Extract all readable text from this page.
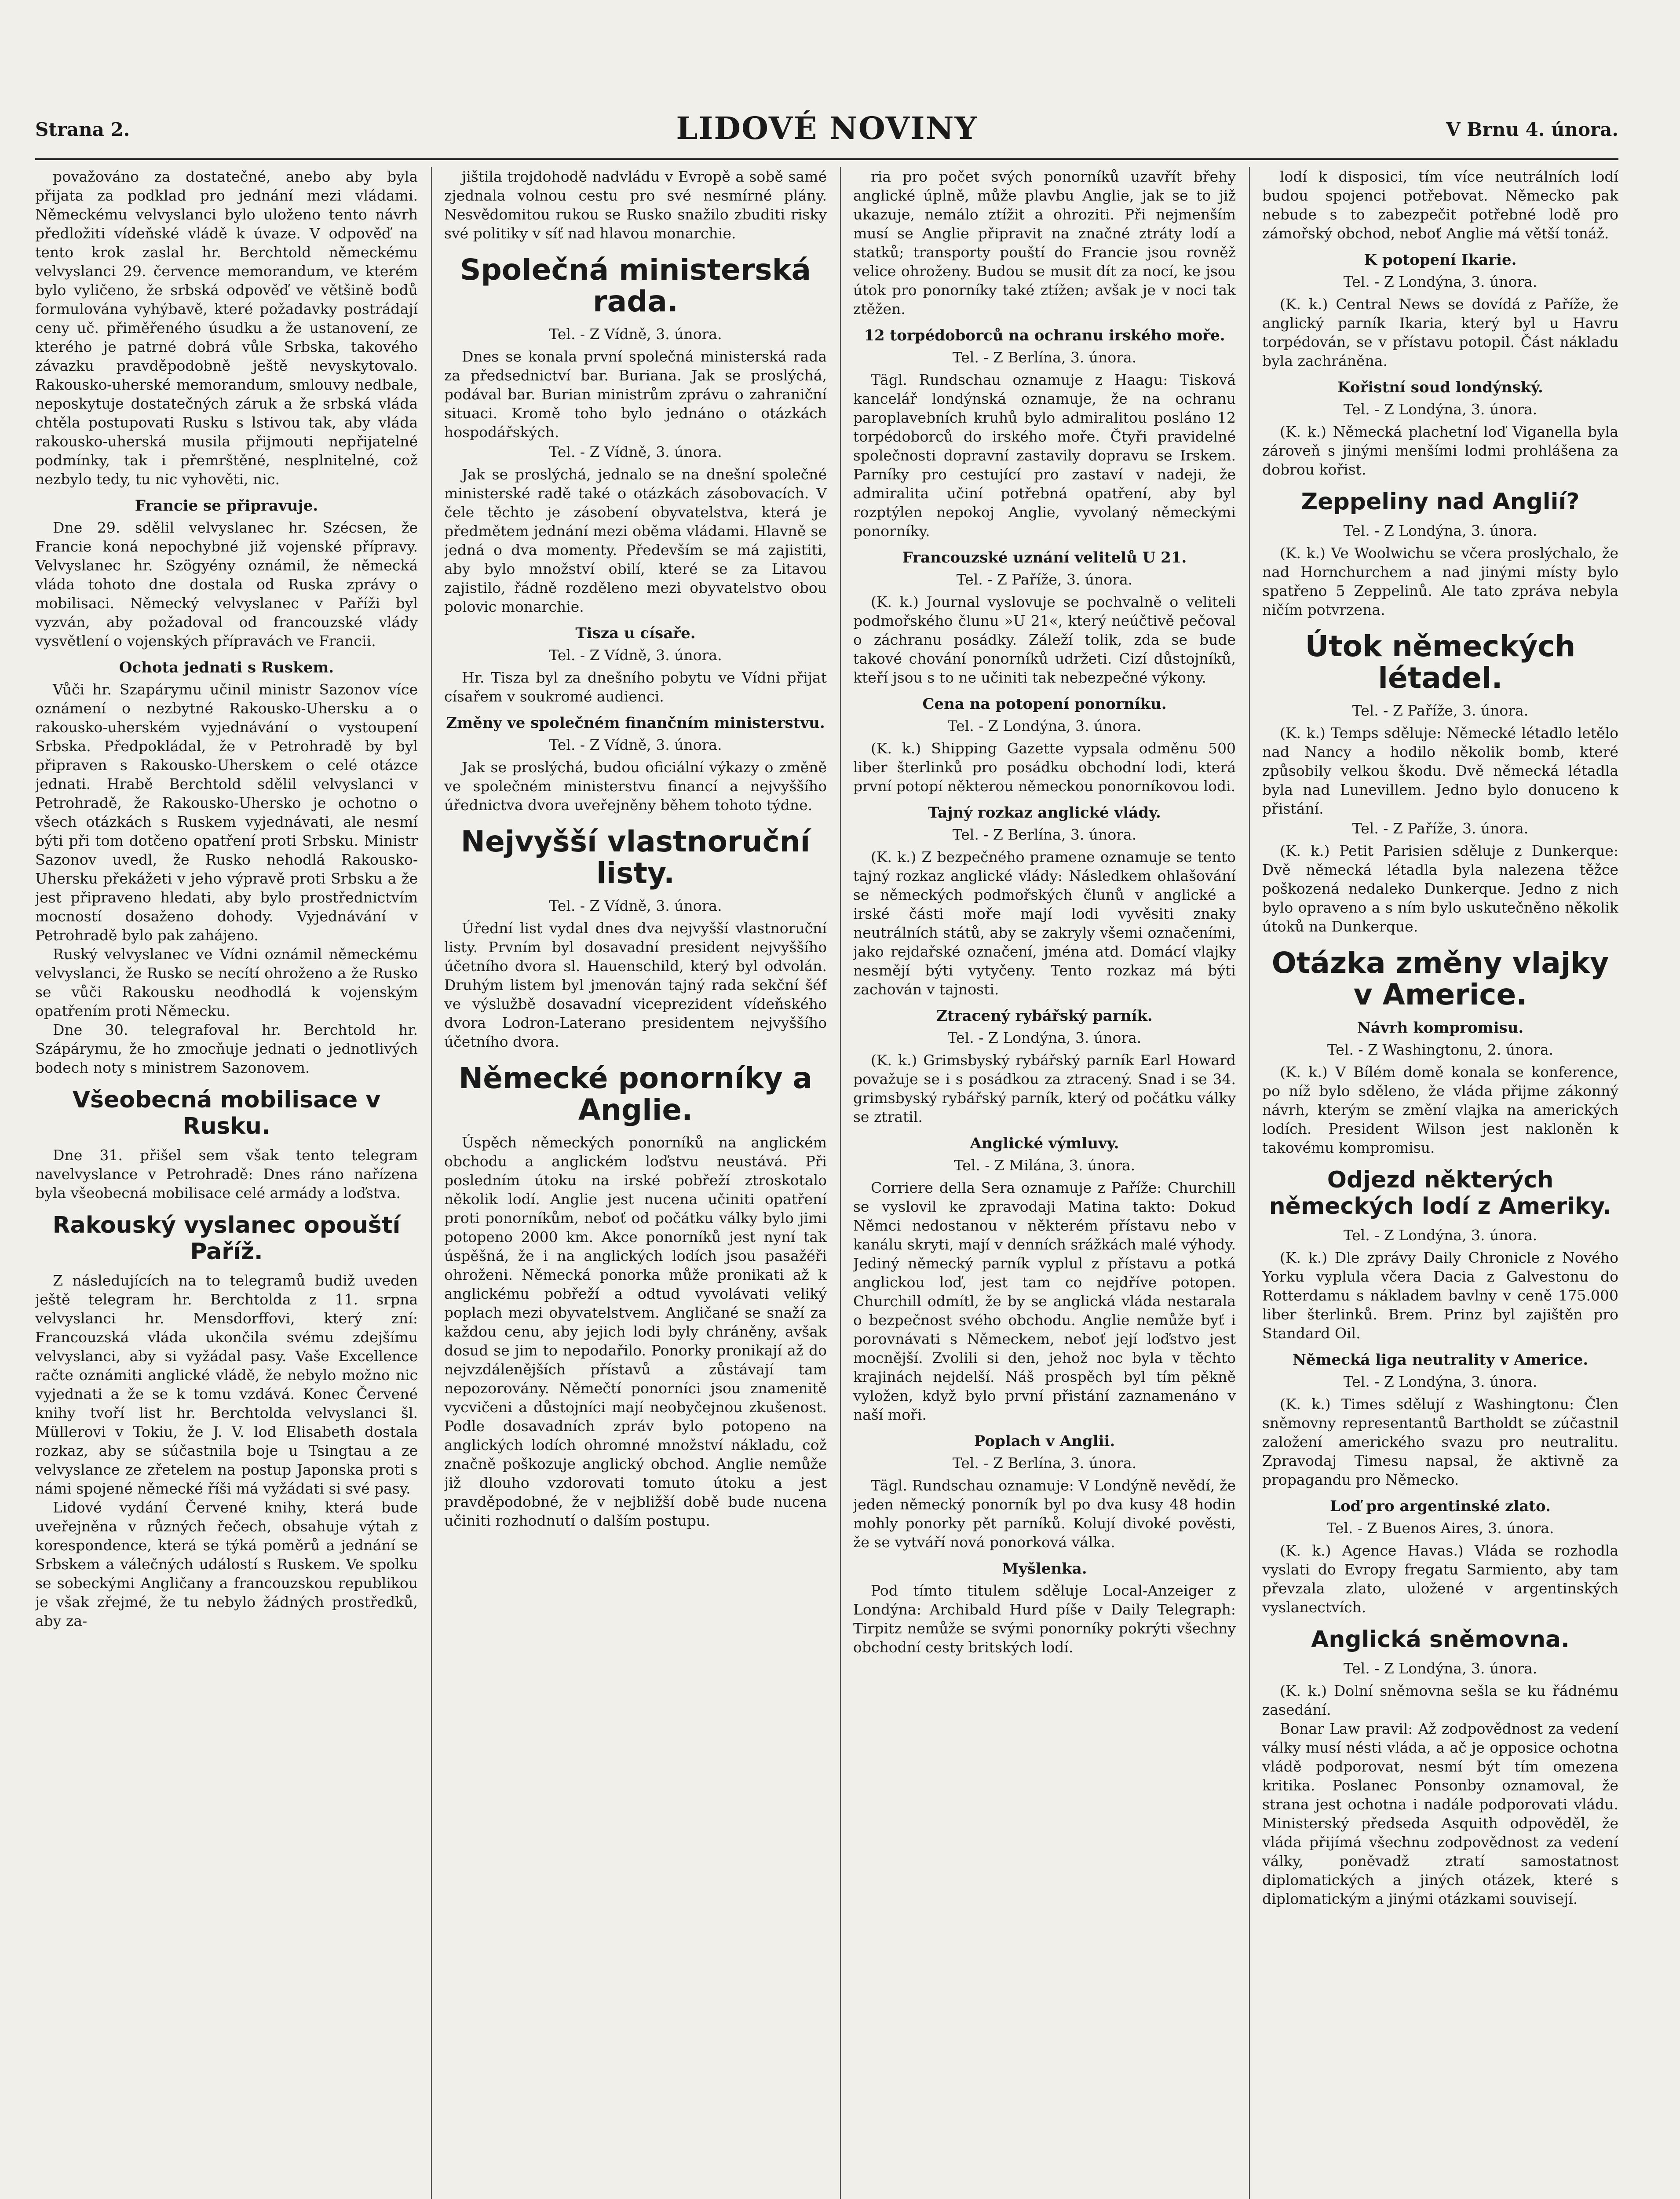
Strana 2.	LIDOVÉ NOVINY	V Brnu 4. února.

považováno za dostatečné, anebo aby byla přijata za podklad pro jednání mezi vládami. Německému velvyslanci bylo uloženo tento návrh předložiti vídeňské vládě k úvaze. V odpověď na tento krok zaslal hr. Berchtold německému velvyslanci 29. července memorandum, ve kterém bylo vyličeno, že srbská odpověď ve většině bodů formulována vyhýbavě, které požadavky postrádají ceny uč. přiměřeného úsudku a že ustanovení, ze kterého je patrné dobrá vůle Srbska, takového závazku pravděpodobně ještě nevyskytovalo. Rakousko-uherské memorandum, smlouvy nedbale, neposkytuje dostatečných záruk a že srbská vláda chtěla postupovati Rusku s lstivou tak, aby vláda rakousko-uherská musila přijmouti nepřijatelné podmínky, tak i přemrštěné, nesplnitelné, což nezbylo tedy, tu nic vyhověti, nic.

Francie se připravuje.

Dne 29. sdělil velvyslanec hr. Szécsen, že Francie koná nepochybné již vojenské přípravy. Velvyslanec hr. Szögyény oznámil, že německá vláda tohoto dne dostala od Ruska zprávy o mobilisaci. Německý velvyslanec v Paříži byl vyzván, aby požadoval od francouzské vlády vysvětlení o vojenských přípravách ve Francii.

Ochota jednati s Ruskem.

Vůči hr. Szapárymu učinil ministr Sazonov více oznámení o nezbytné Rakousko-Uhersku a o rakousko-uherském vyjednávání o vystoupení Srbska. Předpokládal, že v Petrohradě by byl připraven s Rakousko-Uherskem o celé otázce jednati. Hrabě Berchtold sdělil velvyslanci v Petrohradě, že Rakousko-Uhersko je ochotno o všech otázkách s Ruskem vyjednávati, ale nesmí býti při tom dotčeno opatření proti Srbsku. Ministr Sazonov uvedl, že Rusko nehodlá Rakousko-Uhersku překážeti v jeho výpravě proti Srbsku a že jest připraveno hledati, aby bylo prostřednictvím mocností dosaženo dohody. Vyjednávání v Petrohradě bylo pak zahájeno.

Ruský velvyslanec ve Vídni oznámil německému velvyslanci, že Rusko se necítí ohroženo a že Rusko se vůči Rakousku neodhodlá k vojenským opatřením proti Německu.

Dne 30. telegrafoval hr. Berchtold hr. Szápárymu, že ho zmocňuje jednati o jednotlivých bodech noty s ministrem Sazonovem.

Všeobecná mobilisace v Rusku.

Dne 31. přišel sem však tento telegram navelvyslance v Petrohradě: Dnes ráno nařízena byla všeobecná mobilisace celé armády a loďstva.

Rakouský vyslanec opouští Paříž.

Z následujících na to telegramů budiž uveden ještě telegram hr. Berchtolda z 11. srpna velvyslanci hr. Mensdorffovi, který zní: Francouzská vláda ukončila svému zdejšímu velvyslanci, aby si vyžádal pasy. Vaše Excellence račte oznámiti anglické vládě, že nebylo možno nic vyjednati a že se k tomu vzdává. Konec Červené knihy tvoří list hr. Berchtolda velvyslanci šl. Müllerovi v Tokiu, že J. V. lod Elisabeth dostala rozkaz, aby se súčastnila boje u Tsingtau a ze velvyslance ze zřetelem na postup Japonska proti s námi spojené německé říši má vyžádati si své pasy.

Lidové vydání Červené knihy, která bude uveřejněna v různých řečech, obsahuje výtah z korespondence, která se týká poměrů a jednání se Srbskem a válečných událostí s Ruskem. Ve spolku se sobeckými Angličany a francouzskou republikou je však zřejmé, že tu nebylo žádných prostředků, aby za-

jištila trojdohodě nadvládu v Evropě a sobě samé zjednala volnou cestu pro své nesmírné plány. Nesvědomitou rukou se Rusko snažilo zbuditi risky své politiky v síť nad hlavou monarchie.

Společná ministerská rada.
Tel. - Z Vídně, 3. února.

Dnes se konala první společná ministerská rada za předsednictví bar. Buriana. Jak se proslýchá, podával bar. Burian ministrům zprávu o zahraniční situaci. Kromě toho bylo jednáno o otázkách hospodářských.

Tel. - Z Vídně, 3. února.

Jak se proslýchá, jednalo se na dnešní společné ministerské radě také o otázkách zásobovacích. V čele těchto je zásobení obyvatelstva, která je předmětem jednání mezi oběma vládami. Hlavně se jedná o dva momenty. Především se má zajistiti, aby bylo množství obilí, které se za Litavou zajistilo, řádně rozděleno mezi obyvatelstvo obou polovic monarchie.

Tisza u císaře.
Tel. - Z Vídně, 3. února.

Hr. Tisza byl za dnešního pobytu ve Vídni přijat císařem v soukromé audienci.

Změny ve společném finančním ministerstvu.
Tel. - Z Vídně, 3. února.

Jak se proslýchá, budou oficiální výkazy o změně ve společném ministerstvu financí a nejvyššího úřednictva dvora uveřejněny během tohoto týdne.

Nejvyšší vlastnoruční listy.
Tel. - Z Vídně, 3. února.

Úřední list vydal dnes dva nejvyšší vlastnoruční listy. Prvním byl dosavadní president nejvyššího účetního dvora sl. Hauenschild, který byl odvolán. Druhým listem byl jmenován tajný rada sekční šéf ve výslužbě dosavadní viceprezident vídeňského dvora Lodron-Laterano presidentem nejvyššího účetního dvora.

Německé ponorníky a Anglie.

Úspěch německých ponorníků na anglickém obchodu a anglickém loďstvu neustává. Při posledním útoku na irské pobřeží ztroskotalo několik lodí. Anglie jest nucena učiniti opatření proti ponorníkům, neboť od počátku války bylo jimi potopeno 2000 km. Akce ponorníků jest nyní tak úspěšná, že i na anglických lodích jsou pasažéři ohroženi. Německá ponorka může pronikati až k anglickému pobřeží a odtud vyvolávati veliký poplach mezi obyvatelstvem. Angličané se snaží za každou cenu, aby jejich lodi byly chráněny, avšak dosud se jim to nepodařilo. Ponorky pronikají až do nejvzdálenějších přístavů a zůstávají tam nepozorovány. Němečtí ponorníci jsou znamenitě vycvičeni a důstojníci mají neobyčejnou zkušenost. Podle dosavadních zpráv bylo potopeno na anglických lodích ohromné množství nákladu, což značně poškozuje anglický obchod. Anglie nemůže již dlouho vzdorovati tomuto útoku a jest pravděpodobné, že v nejbližší době bude nucena učiniti rozhodnutí o dalším postupu.

ria pro počet svých ponorníků uzavřít břehy anglické úplně, může plavbu Anglie, jak se to již ukazuje, nemálo ztížit a ohroziti. Při nejmenším musí se Anglie připravit na značné ztráty lodí a statků; transporty pouští do Francie jsou rovněž velice ohroženy. Budou se musit dít za nocí, ke jsou útok pro ponorníky také ztížen; avšak je v noci tak ztěžen.

12 torpédoborců na ochranu irského moře.
Tel. - Z Berlína, 3. února.

Tägl. Rundschau oznamuje z Haagu: Tisková kancelář londýnská oznamuje, že na ochranu paroplavebních kruhů bylo admiralitou posláno 12 torpédoborců do irského moře. Čtyři pravidelné společnosti dopravní zastavily dopravu se Irskem. Parníky pro cestující pro zastaví v nadeji, že admiralita učiní potřebná opatření, aby byl rozptýlen nepokoj Anglie, vyvolaný německými ponorníky.

Francouzské uznání velitelů U 21.
Tel. - Z Paříže, 3. února.

(K. k.) Journal vyslovuje se pochvalně o veliteli podmořského člunu »U 21«, který neúčtivě pečoval o záchranu posádky. Záleží tolik, zda se bude takové chování ponorníků udržeti. Cizí důstojníků, kteří jsou s to ne učiniti tak nebezpečné výkony.

Cena na potopení ponorníku.
Tel. - Z Londýna, 3. února.

(K. k.) Shipping Gazette vypsala odměnu 500 liber šterlinků pro posádku obchodní lodi, která první potopí některou německou ponorníkovou lodi.

Tajný rozkaz anglické vlády.
Tel. - Z Berlína, 3. února.

(K. k.) Z bezpečného pramene oznamuje se tento tajný rozkaz anglické vlády: Následkem ohlašování se německých podmořských člunů v anglické a irské části moře mají lodi vyvěsiti znaky neutrálních států, aby se zakryly všemi označeními, jako rejdařské označení, jména atd. Domácí vlajky nesmějí býti vytyčeny. Tento rozkaz má býti zachován v tajnosti.

Ztracený rybářský parník.
Tel. - Z Londýna, 3. února.

(K. k.) Grimsbyský rybářský parník Earl Howard považuje se i s posádkou za ztracený. Snad i se 34. grimsbyský rybářský parník, který od počátku války se ztratil.

Anglické výmluvy.
Tel. - Z Milána, 3. února.

Corriere della Sera oznamuje z Paříže: Churchill se vyslovil ke zpravodaji Matina takto: Dokud Němci nedostanou v některém přístavu nebo v kanálu skryti, mají v denních srážkách malé výhody. Jediný německý parník vyplul z přístavu a potká anglickou loď, jest tam co nejdříve potopen. Churchill odmítl, že by se anglická vláda nestarala o bezpečnost svého obchodu. Anglie nemůže byť i porovnávati s Německem, neboť její loďstvo jest mocnější. Zvolili si den, jehož noc byla v těchto krajinách nejdelší. Náš prospěch byl tím pěkně vyložen, když bylo první přistání zaznamenáno v naší moři.

Poplach v Anglii.
Tel. - Z Berlína, 3. února.

Tägl. Rundschau oznamuje: V Londýně nevědí, že jeden německý ponorník byl po dva kusy 48 hodin mohly ponorky pět parníků. Kolují divoké pověsti, že se vytváří nová ponorková válka.

Myšlenka.

Pod tímto titulem sděluje Local-Anzeiger z Londýna: Archibald Hurd píše v Daily Telegraph: Tirpitz nemůže se svými ponorníky pokrýti všechny obchodní cesty britských lodí.

lodí k disposici, tím více neutrálních lodí budou spojenci potřebovat. Německo pak nebude s to zabezpečit potřebné lodě pro zámořský obchod, neboť Anglie má větší tonáž.

K potopení Ikarie.
Tel. - Z Londýna, 3. února.

(K. k.) Central News se dovídá z Paříže, že anglický parník Ikaria, který byl u Havru torpédován, se v přístavu potopil. Část nákladu byla zachráněna.

Kořistní soud londýnský.
Tel. - Z Londýna, 3. února.

(K. k.) Německá plachetní loď Viganella byla zároveň s jinými menšími lodmi prohlášena za dobrou kořist.

Zeppeliny nad Anglií?
Tel. - Z Londýna, 3. února.

(K. k.) Ve Woolwichu se včera proslýchalo, že nad Hornchurchem a nad jinými místy bylo spatřeno 5 Zeppelinů. Ale tato zpráva nebyla ničím potvrzena.

Útok německých létadel.
Tel. - Z Paříže, 3. února.

(K. k.) Temps sděluje: Německé létadlo letělo nad Nancy a hodilo několik bomb, které způsobily velkou škodu. Dvě německá létadla byla nad Lunevillem. Jedno bylo donuceno k přistání.

Tel. - Z Paříže, 3. února.

(K. k.) Petit Parisien sděluje z Dunkerque: Dvě německá létadla byla nalezena těžce poškozená nedaleko Dunkerque. Jedno z nich bylo opraveno a s ním bylo uskutečněno několik útoků na Dunkerque.

Otázka změny vlajky v Americe.
Návrh kompromisu.
Tel. - Z Washingtonu, 2. února.

(K. k.) V Bílém domě konala se konference, po níž bylo sděleno, že vláda přijme zákonný návrh, kterým se změní vlajka na amerických lodích. President Wilson jest nakloněn k takovému kompromisu.

Odjezd některých německých lodí z Ameriky.
Tel. - Z Londýna, 3. února.

(K. k.) Dle zprávy Daily Chronicle z Nového Yorku vyplula včera Dacia z Galvestonu do Rotterdamu s nákladem bavlny v ceně 175.000 liber šterlinků. Brem. Prinz byl zajištěn pro Standard Oil.

Německá liga neutrality v Americe.
Tel. - Z Londýna, 3. února.

(K. k.) Times sdělují z Washingtonu: Člen sněmovny representantů Bartholdt se zúčastnil založení amerického svazu pro neutralitu. Zpravodaj Timesu napsal, že aktivně za propagandu pro Německo.

Loď pro argentinské zlato.
Tel. - Z Buenos Aires, 3. února.

(K. k.) Agence Havas.) Vláda se rozhodla vyslati do Evropy fregatu Sarmiento, aby tam převzala zlato, uložené v argentinských vyslanectvích.

Anglická sněmovna.
Tel. - Z Londýna, 3. února.

(K. k.) Dolní sněmovna sešla se ku řádnému zasedání.

Bonar Law pravil: Až zodpovědnost za vedení války musí nésti vláda, a ač je opposice ochotna vládě podporovat, nesmí být tím omezena kritika. Poslanec Ponsonby oznamoval, že strana jest ochotna i nadále podporovati vládu. Ministerský předseda Asquith odpověděl, že vláda přijímá všechnu zodpovědnost za vedení války, poněvadž ztratí samostatnost diplomatických a jiných otázek, které s diplomatickým a jinými otázkami souvisejí.
